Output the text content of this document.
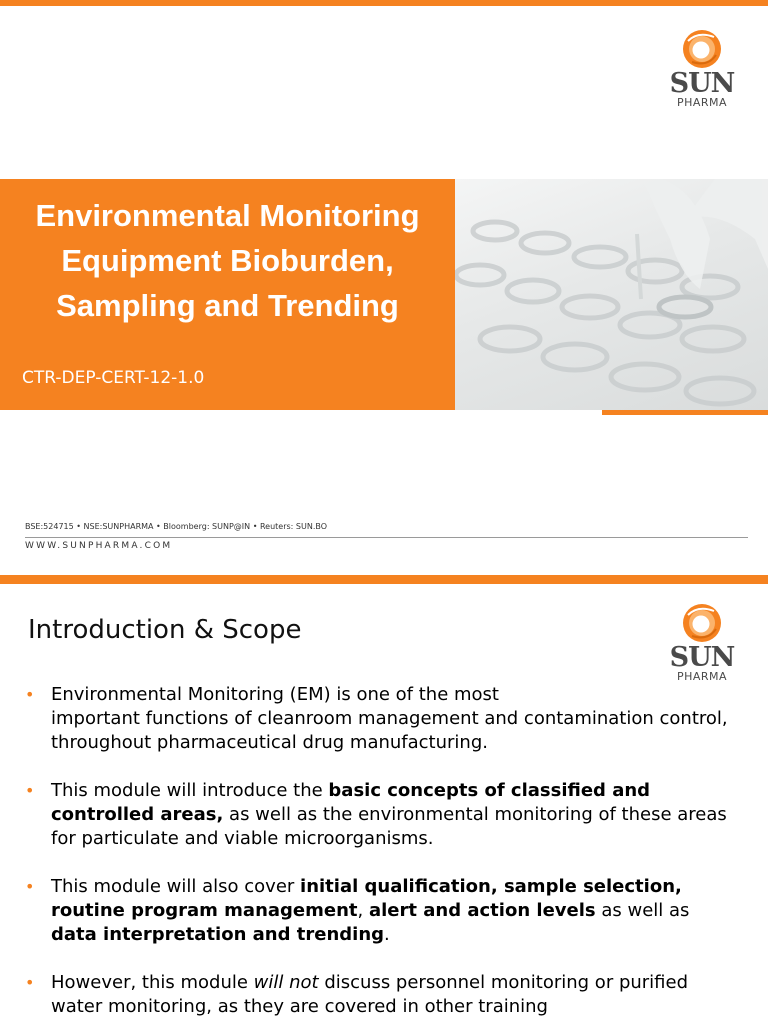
SUN
PHARMA
Environmental Monitoring
Equipment Bioburden,
Sampling and Trending
CTR-DEP-CERT-12-1.0
BSE:524715 • NSE:SUNPHARMA • Bloomberg: SUNP@IN • Reuters: SUN.BO
WWW.SUNPHARMA.COM
SUN
PHARMA
Introduction & Scope
• Environmental Monitoring (EM) is one of the most
important functions of cleanroom management and contamination control, throughout pharmaceutical drug manufacturing.
• This module will introduce the basic concepts of classified and controlled areas, as well as the environmental monitoring of these areas for particulate and viable microorganisms.
• This module will also cover initial qualification, sample selection, routine program management, alert and action levels as well as data interpretation and trending.
• However, this module will not discuss personnel monitoring or purified water monitoring, as they are covered in other training
